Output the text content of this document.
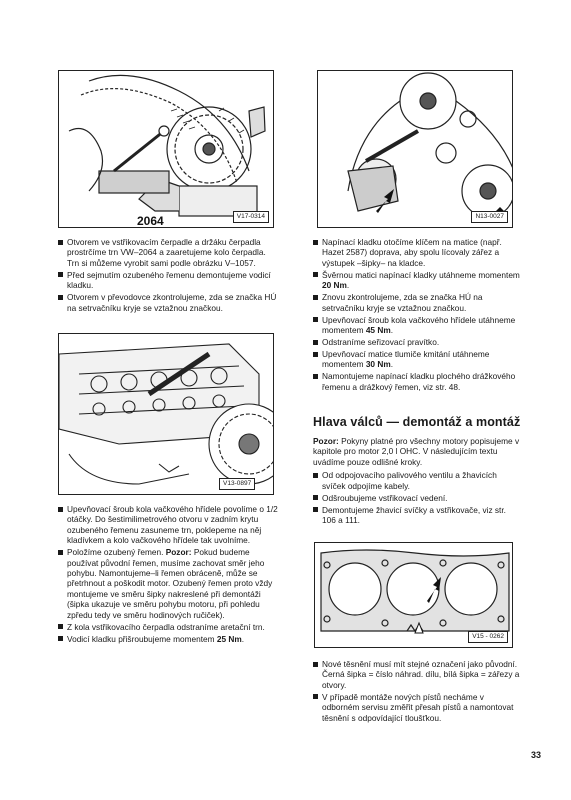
2064	V17-0314	N13-0027
V13-0897
V15 - 0262
Otvorem ve vstřikovacím čerpadle a držáku čerpadla prostrčíme trn VW–2064 a zaaretujeme kolo čerpadla. Trn si můžeme vyrobit sami podle obrázku V–1057.
Před sejmutím ozubeného řemenu demontujeme vodicí kladku.
Otvorem v převodovce zkontrolujeme, zda se značka HÚ na setrvačníku kryje se vztažnou značkou.
Upevňovací šroub kola vačkového hřídele povolíme o 1/2 otáčky. Do šestimilimetrového otvoru v zadním krytu ozubeného řemenu zasuneme trn, poklepeme na něj kladívkem a kolo vačkového hřídele tak uvolníme.
Položíme ozubený řemen. Pozor: Pokud budeme používat původní řemen, musíme zachovat směr jeho pohybu. Namontujeme–li řemen obráceně, může se přetrhnout a poškodit motor. Ozubený řemen proto vždy montujeme ve směru šipky nakreslené při demontáži (šipka ukazuje ve směru pohybu motoru, při pohledu zpředu tedy ve směru hodinových ručiček).
Z kola vstřikovacího čerpadla odstraníme aretační trn.
Vodicí kladku přišroubujeme momentem 25 Nm.
Napínací kladku otočíme klíčem na matice (např. Hazet 2587) doprava, aby spolu lícovaly zářez a výstupek –šipky– na kladce.
Švěrnou matici napínací kladky utáhneme momentem 20 Nm.
Znovu zkontrolujeme, zda se značka HÚ na setrvačníku kryje se vztažnou značkou.
Upevňovací šroub kola vačkového hřídele utáhneme momentem 45 Nm.
Odstraníme seřizovací pravítko.
Upevňovací matice tlumiče kmitání utáhneme momentem 30 Nm.
Namontujeme napínací kladku plochého drážkového řemenu a drážkový řemen, viz str. 48.
Hlava válců — demontáž a montáž

Pozor: Pokyny platné pro všechny motory popisujeme v kapitole pro motor 2,0 l OHC. V následujícím textu uvádíme pouze odlišné kroky.

Od odpojovacího palivového ventilu a žhavicích svíček odpojíme kabely.
Odšroubujeme vstřikovací vedení.
Demontujeme žhavicí svíčky a vstřikovače, viz str. 106 a 111.
Nové těsnění musí mít stejné označení jako původní. Černá šipka = číslo náhrad. dílu, bílá šipka = zářezy a otvory.
V případě montáže nových pístů necháme v odborném servisu změřit přesah pístů a namontovat těsnění s odpovídající tloušťkou.
33
